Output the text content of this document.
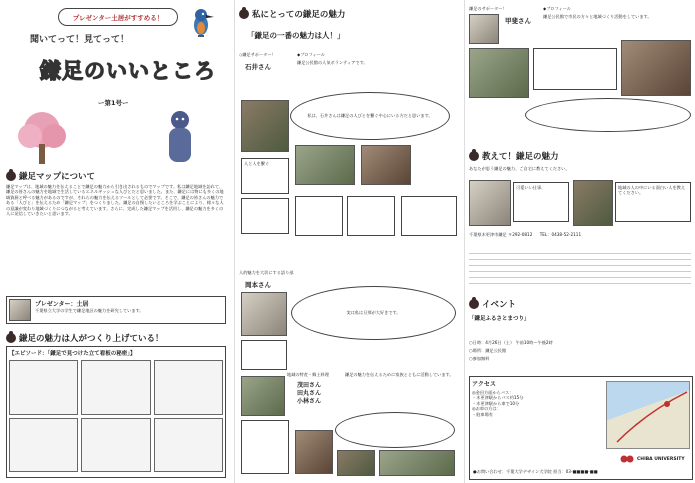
プレゼンター土居がすすめる！
聞いてって！見てって！
鎌足のいいところ
ー第1号ー
鎌足マップについて
鎌足マップは、地域の魅力を伝えることで鎌足の魅力から引き出されるものでマップです。私は鎌足地域を訪れて、鎌足の皆さんの魅力を地域で生活しているエネルギッシュな人びとだと思いました。また、鎌足には物にも多くの地域資源と呼べる魅力があるのですが、それらの魅力を伝えるツールとして必要です。そこで、鎌足の皆さんの魅力である「人びと」を伝えるため「鎌足マップ」をつくりました。鎌足の自慢したいところを学ぶことにより、様々な人の意識が変わり地域づくりにつながると考えています。さらに、完成した鎌足マップを活用し、鎌足の魅力を多くの人に発信していきたいと思います。
プレゼンター：土居
千葉県立大学の学生で鎌足地区の魅力を研究しています。
鎌足の魅力は人がつくり上げている！
【エピソード：「鎌足で見つけた立て看板の秘密」】
私にとっての鎌足の魅力
「鎌足の一番の魅力は人！」
◇鎌足サポーター！
石井さん
◆プロフィール
鎌足公民館の人気ボランティアです。
私は、石井さんは鎌足の人びとを繋ぐ中心にいる方だと思います。
人と人を繋ぐ
人的魅力を大切にする語り部
岡本さん
実は私は旦那が大好きです。
地域の特産・郷土料理
茂田さん
田丸さん
小林さん
鎌足の魅力を伝えるために家族とともに活動しています。
鎌足のサポーター！
甲斐さん
◆プロフィール
鎌足公民館で市民の方々と地域づくり活動をしています。
教えて！鎌足の魅力
あなたが思う鎌足の魅力、ご自宅に教えてください。
可愛いい仕事、	地域の人の中にいる面白い人を教えてください。
千葉県木更津市鎌足 〒292-0812 TEL：0438-52-2111
イベント
「鎌足ふるさとまつり」
○日時：4月26日（土） 午前10時～午後2時
○場所：鎌足公民館
○参加無料
アクセス
◎金田方面からバス：
・木更津駅からバス約15分
・木更津駅から車で10分
◎お車の方は：
・駐車場有
CHIBA UNIVERSITY
●お問い合わせ：千葉大学デザイン大学院 担当：03-■■■■-■■
